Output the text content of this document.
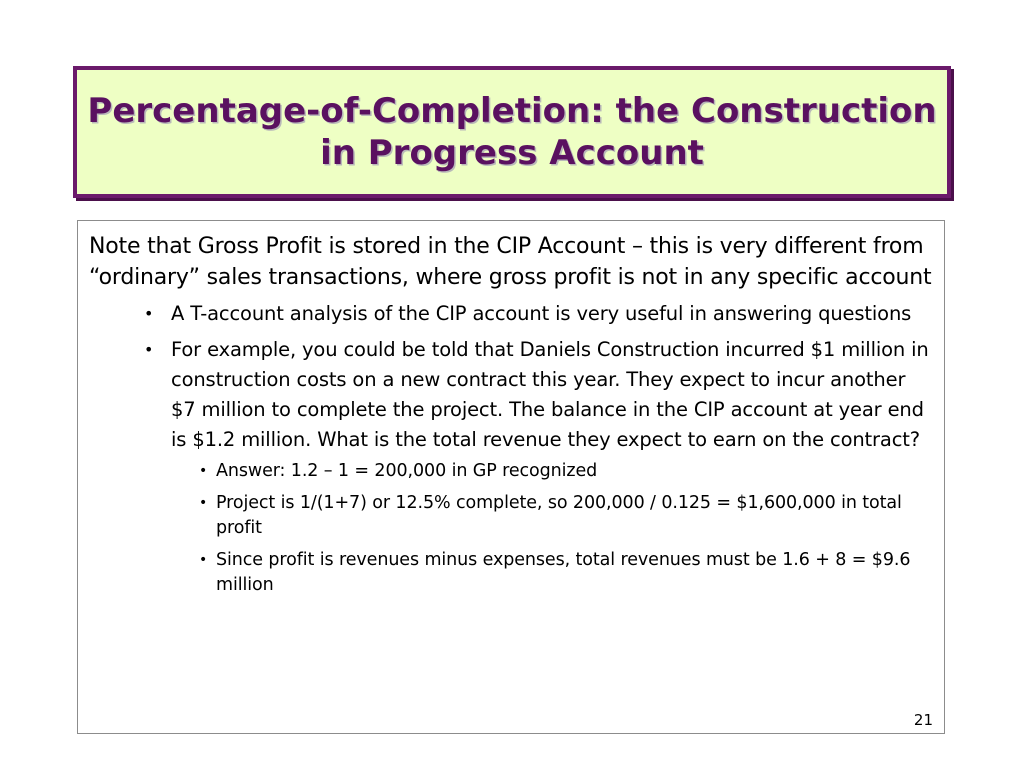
Percentage-of-Completion: the Construction in Progress Account

Note that Gross Profit is stored in the CIP Account – this is very different from “ordinary” sales transactions, where gross profit is not in any specific account

• A T-account analysis of the CIP account is very useful in answering questions
• For example, you could be told that Daniels Construction incurred $1 million in construction costs on a new contract this year. They expect to incur another $7 million to complete the project. The balance in the CIP account at year end is $1.2 million. What is the total revenue they expect to earn on the contract?
• Answer: 1.2 – 1 = 200,000 in GP recognized
• Project is 1/(1+7) or 12.5% complete, so 200,000 / 0.125 = $1,600,000 in total profit
• Since profit is revenues minus expenses, total revenues must be 1.6 + 8 = $9.6 million
21
